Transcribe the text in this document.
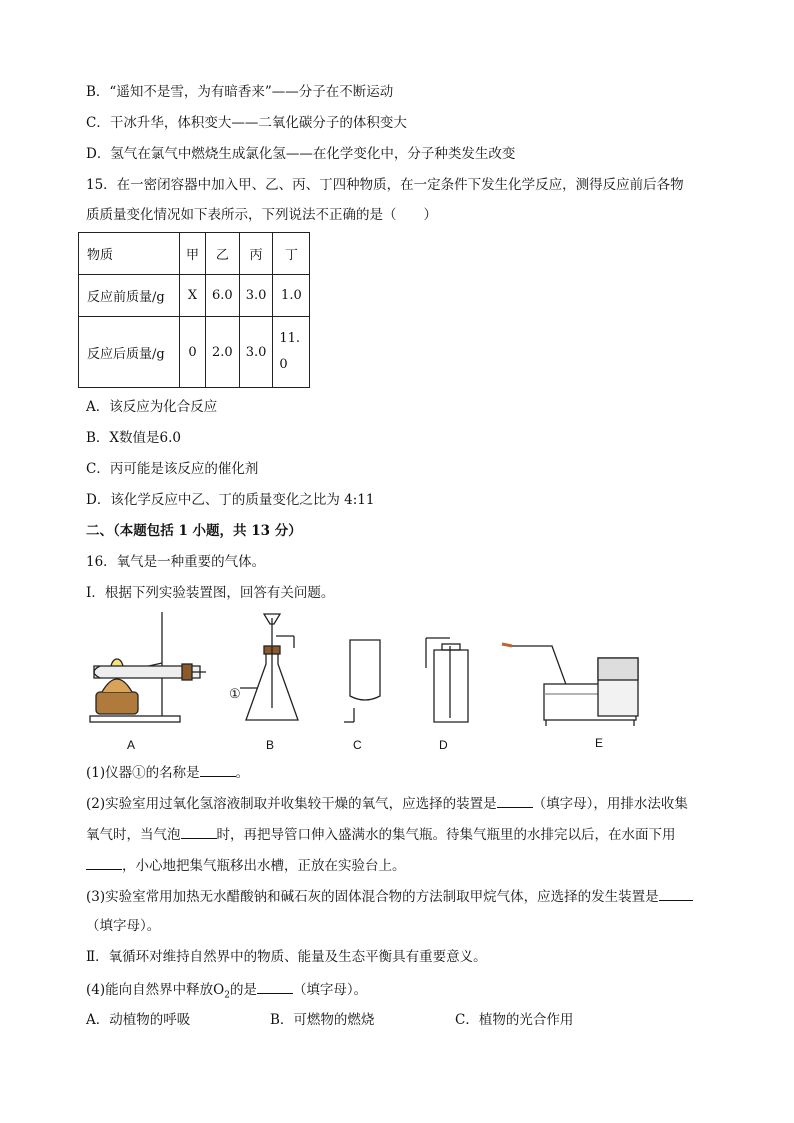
B．“遥知不是雪，为有暗香来”——分子在不断运动
C．干冰升华，体积变大——二氧化碳分子的体积变大
D．氢气在氯气中燃烧生成氯化氢——在化学变化中，分子种类发生改变
15．在一密闭容器中加入甲、乙、丙、丁四种物质，在一定条件下发生化学反应，测得反应前后各物
质质量变化情况如下表所示，下列说法不正确的是（　　）
物质	甲	乙	丙	丁
反应前质量/g	X	6.0	3.0	1.0
反应后质量/g	0	2.0	3.0	11.
0
A．该反应为化合反应
B．X数值是6.0
C．丙可能是该反应的催化剂
D．该化学反应中乙、丁的质量变化之比为 4:11
二、（本题包括 1 小题，共 13 分）
16．氧气是一种重要的气体。
Ⅰ．根据下列实验装置图，回答有关问题。
A	B	C	D	E
①
(1)仪器①的名称是	。
(2)实验室用过氧化氢溶液制取并收集较干燥的氧气，应选择的装置是	（填字母），用排水法收集
氧气时，当气泡	时，再把导管口伸入盛满水的集气瓶。待集气瓶里的水排完以后，在水面下用
，小心地把集气瓶移出水槽，正放在实验台上。
(3)实验室常用加热无水醋酸钠和碱石灰的固体混合物的方法制取甲烷气体，应选择的发生装置是
（填字母）。
Ⅱ．氧循环对维持自然界中的物质、能量及生态平衡具有重要意义。
(4)能向自然界中释放$O_2$的是	（填字母）。
A．动植物的呼吸	B．可燃物的燃烧	C．植物的光合作用
